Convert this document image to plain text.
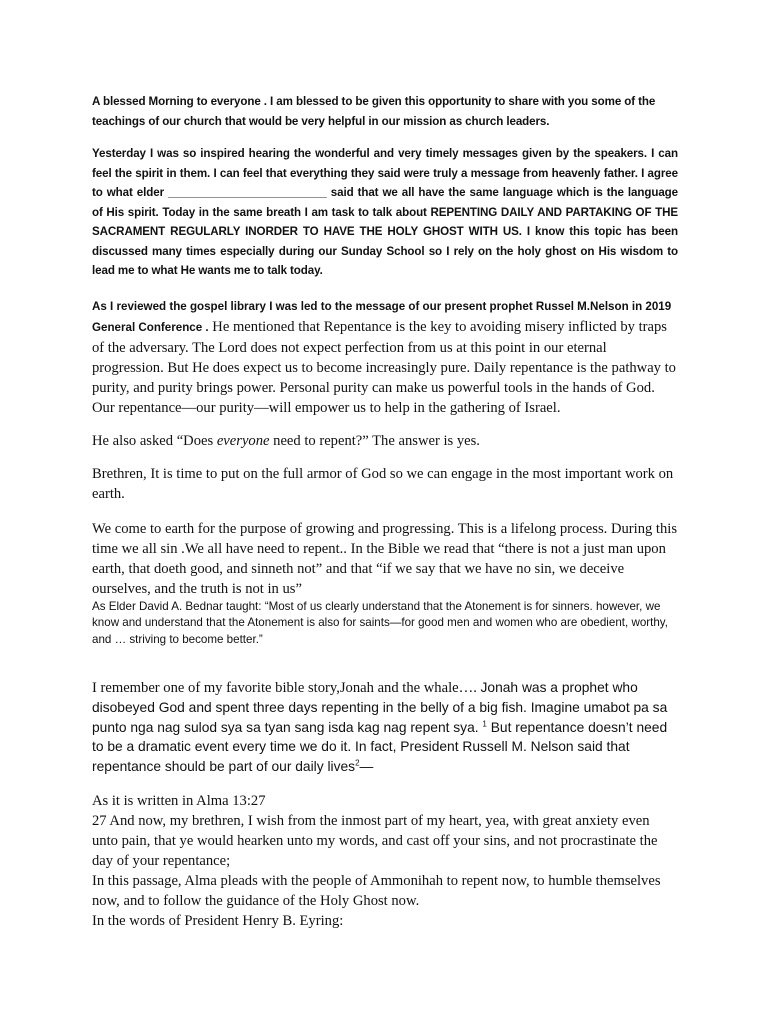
A blessed Morning to everyone . I am blessed to be given this opportunity to share with you some of the teachings of our church that would be very helpful in our mission as church leaders.

Yesterday I was so inspired hearing the wonderful and very timely messages given by the speakers. I can feel the spirit in them. I can feel that everything they said were truly a message from heavenly father. I agree to what elder _________________________ said that we all have the same language which is the language of His spirit. Today in the same breath I am task to talk about REPENTING DAILY AND PARTAKING OF THE SACRAMENT REGULARLY INORDER TO HAVE THE HOLY GHOST WITH US. I know this topic has been discussed many times especially during our Sunday School so I rely on the holy ghost on His wisdom to lead me to what He wants me to talk today.

As I reviewed the gospel library I was led to the message of our present prophet Russel M.Nelson in 2019 General Conference . He mentioned that Repentance is the key to avoiding misery inflicted by traps of the adversary. The Lord does not expect perfection from us at this point in our eternal progression. But He does expect us to become increasingly pure. Daily repentance is the pathway to purity, and purity brings power. Personal purity can make us powerful tools in the hands of God. Our repentance—our purity—will empower us to help in the gathering of Israel.

He also asked “Does everyone need to repent?” The answer is yes.

Brethren, It is time to put on the full armor of God so we can engage in the most important work on earth.

We come to earth for the purpose of growing and progressing. This is a lifelong process. During this time we all sin .We all have need to repent.. In the Bible we read that “there is not a just man upon earth, that doeth good, and sinneth not” and that “if we say that we have no sin, we deceive ourselves, and the truth is not in us”

As Elder David A. Bednar taught: “Most of us clearly understand that the Atonement is for sinners. however, we know and understand that the Atonement is also for saints—for good men and women who are obedient, worthy, and … striving to become better.”

I remember one of my favorite bible story,Jonah and the whale…. Jonah was a prophet who disobeyed God and spent three days repenting in the belly of a big fish. Imagine umabot pa sa punto nga nag sulod sya sa tyan sang isda kag nag repent sya. $^1$ But repentance doesn’t need to be a dramatic event every time we do it. In fact, President Russell M. Nelson said that repentance should be part of our daily lives$^2$—

As it is written in Alma 13:27

27 And now, my brethren, I wish from the inmost part of my heart, yea, with great anxiety even unto pain, that ye would hearken unto my words, and cast off your sins, and not procrastinate the day of your repentance;

In this passage, Alma pleads with the people of Ammonihah to repent now, to humble themselves now, and to follow the guidance of the Holy Ghost now.

In the words of President Henry B. Eyring:
